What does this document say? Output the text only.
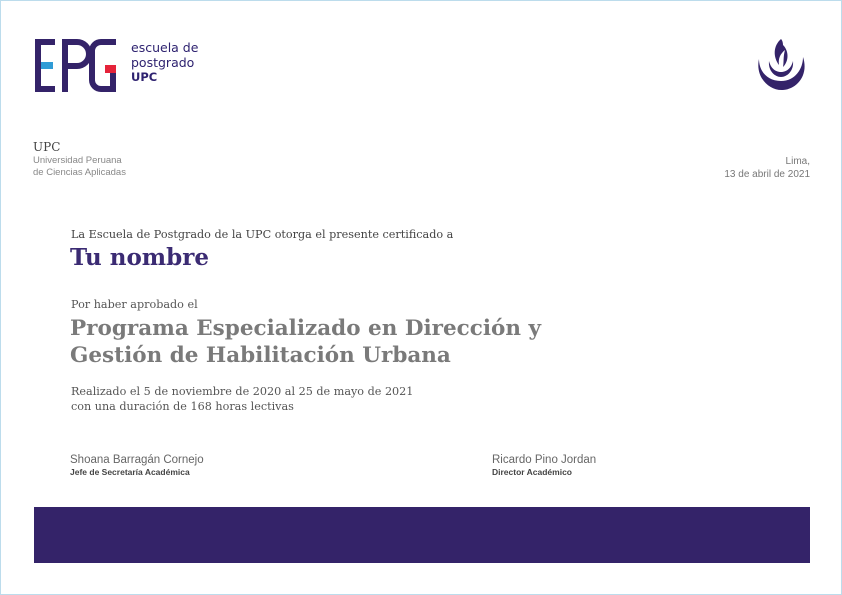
escuela de
postgrado
UPC
UPC
Universidad Peruana
de Ciencias Aplicadas
Lima,
13 de abril de 2021
La Escuela de Postgrado de la UPC otorga el presente certificado a
Tu nombre
Por haber aprobado el
Programa Especializado en Dirección y
Gestión de Habilitación Urbana
Realizado el 5 de noviembre de 2020 al 25 de mayo de 2021
con una duración de 168 horas lectivas
Shoana Barragán Cornejo
Jefe de Secretaría Académica
Ricardo Pino Jordan
Director Académico
